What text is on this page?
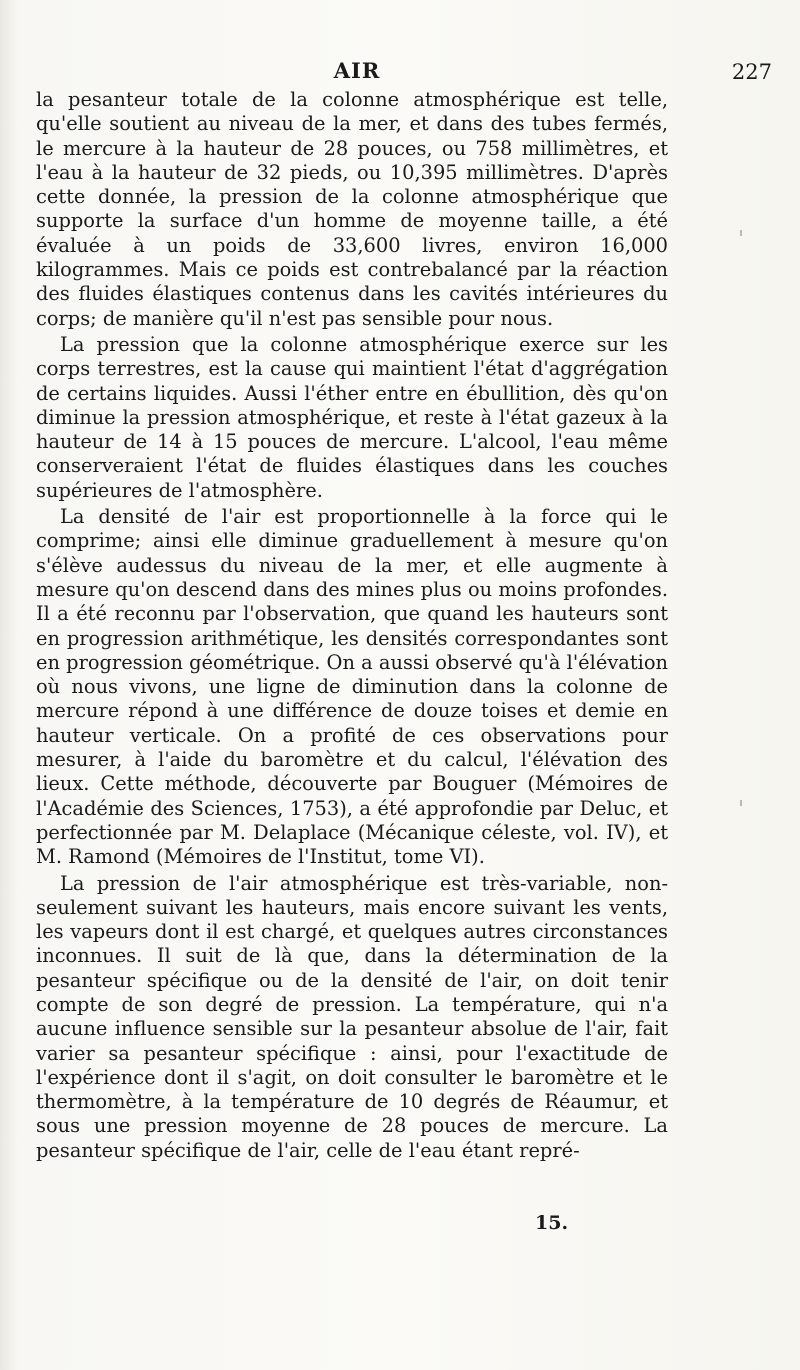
AIR	227

la pesanteur totale de la colonne atmosphérique est telle, qu'elle soutient au niveau de la mer, et dans des tubes fermés, le mercure à la hauteur de 28 pouces, ou 758 millimètres, et l'eau à la hauteur de 32 pieds, ou 10,395 millimètres. D'après cette donnée, la pression de la colonne atmosphérique que supporte la surface d'un homme de moyenne taille, a été évaluée à un poids de 33,600 livres, environ 16,000 kilogrammes. Mais ce poids est contrebalancé par la réaction des fluides élastiques contenus dans les cavités intérieures du corps; de manière qu'il n'est pas sensible pour nous.

La pression que la colonne atmosphérique exerce sur les corps terrestres, est la cause qui maintient l'état d'aggrégation de certains liquides. Aussi l'éther entre en ébullition, dès qu'on diminue la pression atmosphérique, et reste à l'état gazeux à la hauteur de 14 à 15 pouces de mercure. L'alcool, l'eau même conserveraient l'état de fluides élastiques dans les couches supérieures de l'atmosphère.

La densité de l'air est proportionnelle à la force qui le comprime; ainsi elle diminue graduellement à mesure qu'on s'élève audessus du niveau de la mer, et elle augmente à mesure qu'on descend dans des mines plus ou moins profondes. Il a été reconnu par l'observation, que quand les hauteurs sont en progression arithmétique, les densités correspondantes sont en progression géométrique. On a aussi observé qu'à l'élévation où nous vivons, une ligne de diminution dans la colonne de mercure répond à une différence de douze toises et demie en hauteur verticale. On a profité de ces observations pour mesurer, à l'aide du baromètre et du calcul, l'élévation des lieux. Cette méthode, découverte par Bouguer (Mémoires de l'Académie des Sciences, 1753), a été approfondie par Deluc, et perfectionnée par M. Delaplace (Mécanique céleste, vol. IV), et M. Ramond (Mémoires de l'Institut, tome VI).

La pression de l'air atmosphérique est très-variable, non-seulement suivant les hauteurs, mais encore suivant les vents, les vapeurs dont il est chargé, et quelques autres circonstances inconnues. Il suit de là que, dans la détermination de la pesanteur spécifique ou de la densité de l'air, on doit tenir compte de son degré de pression. La température, qui n'a aucune influence sensible sur la pesanteur absolue de l'air, fait varier sa pesanteur spécifique : ainsi, pour l'exactitude de l'expérience dont il s'agit, on doit consulter le baromètre et le thermomètre, à la température de 10 degrés de Réaumur, et sous une pression moyenne de 28 pouces de mercure. La pesanteur spécifique de l'air, celle de l'eau étant repré-

15.
